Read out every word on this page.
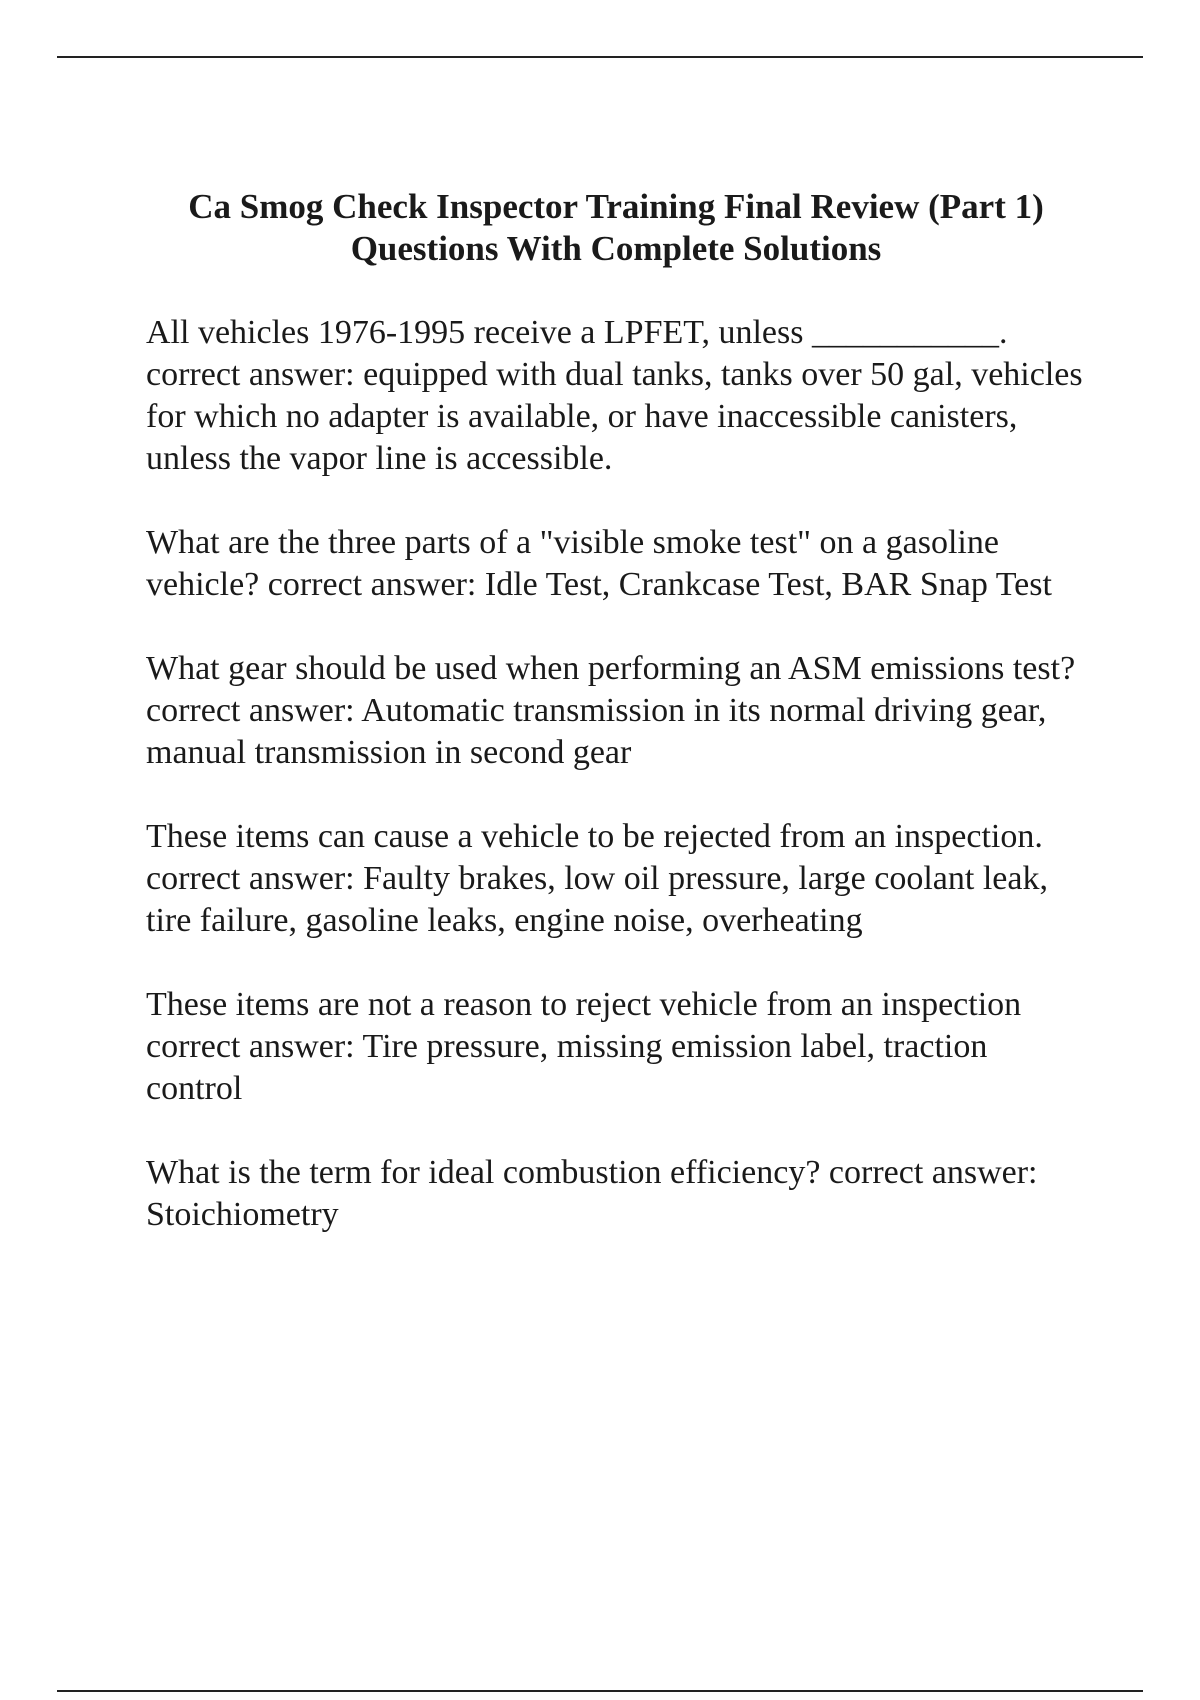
Ca Smog Check Inspector Training Final Review (Part 1)
Questions With Complete Solutions

All vehicles 1976-1995 receive a LPFET, unless ___________. correct answer: equipped with dual tanks, tanks over 50 gal, vehicles for which no adapter is available, or have inaccessible canisters, unless the vapor line is accessible.

What are the three parts of a "visible smoke test" on a gasoline vehicle? correct answer: Idle Test, Crankcase Test, BAR Snap Test

What gear should be used when performing an ASM emissions test? correct answer: Automatic transmission in its normal driving gear, manual transmission in second gear

These items can cause a vehicle to be rejected from an inspection. correct answer: Faulty brakes, low oil pressure, large coolant leak, tire failure, gasoline leaks, engine noise, overheating

These items are not a reason to reject vehicle from an inspection correct answer: Tire pressure, missing emission label, traction control

What is the term for ideal combustion efficiency? correct answer: Stoichiometry
